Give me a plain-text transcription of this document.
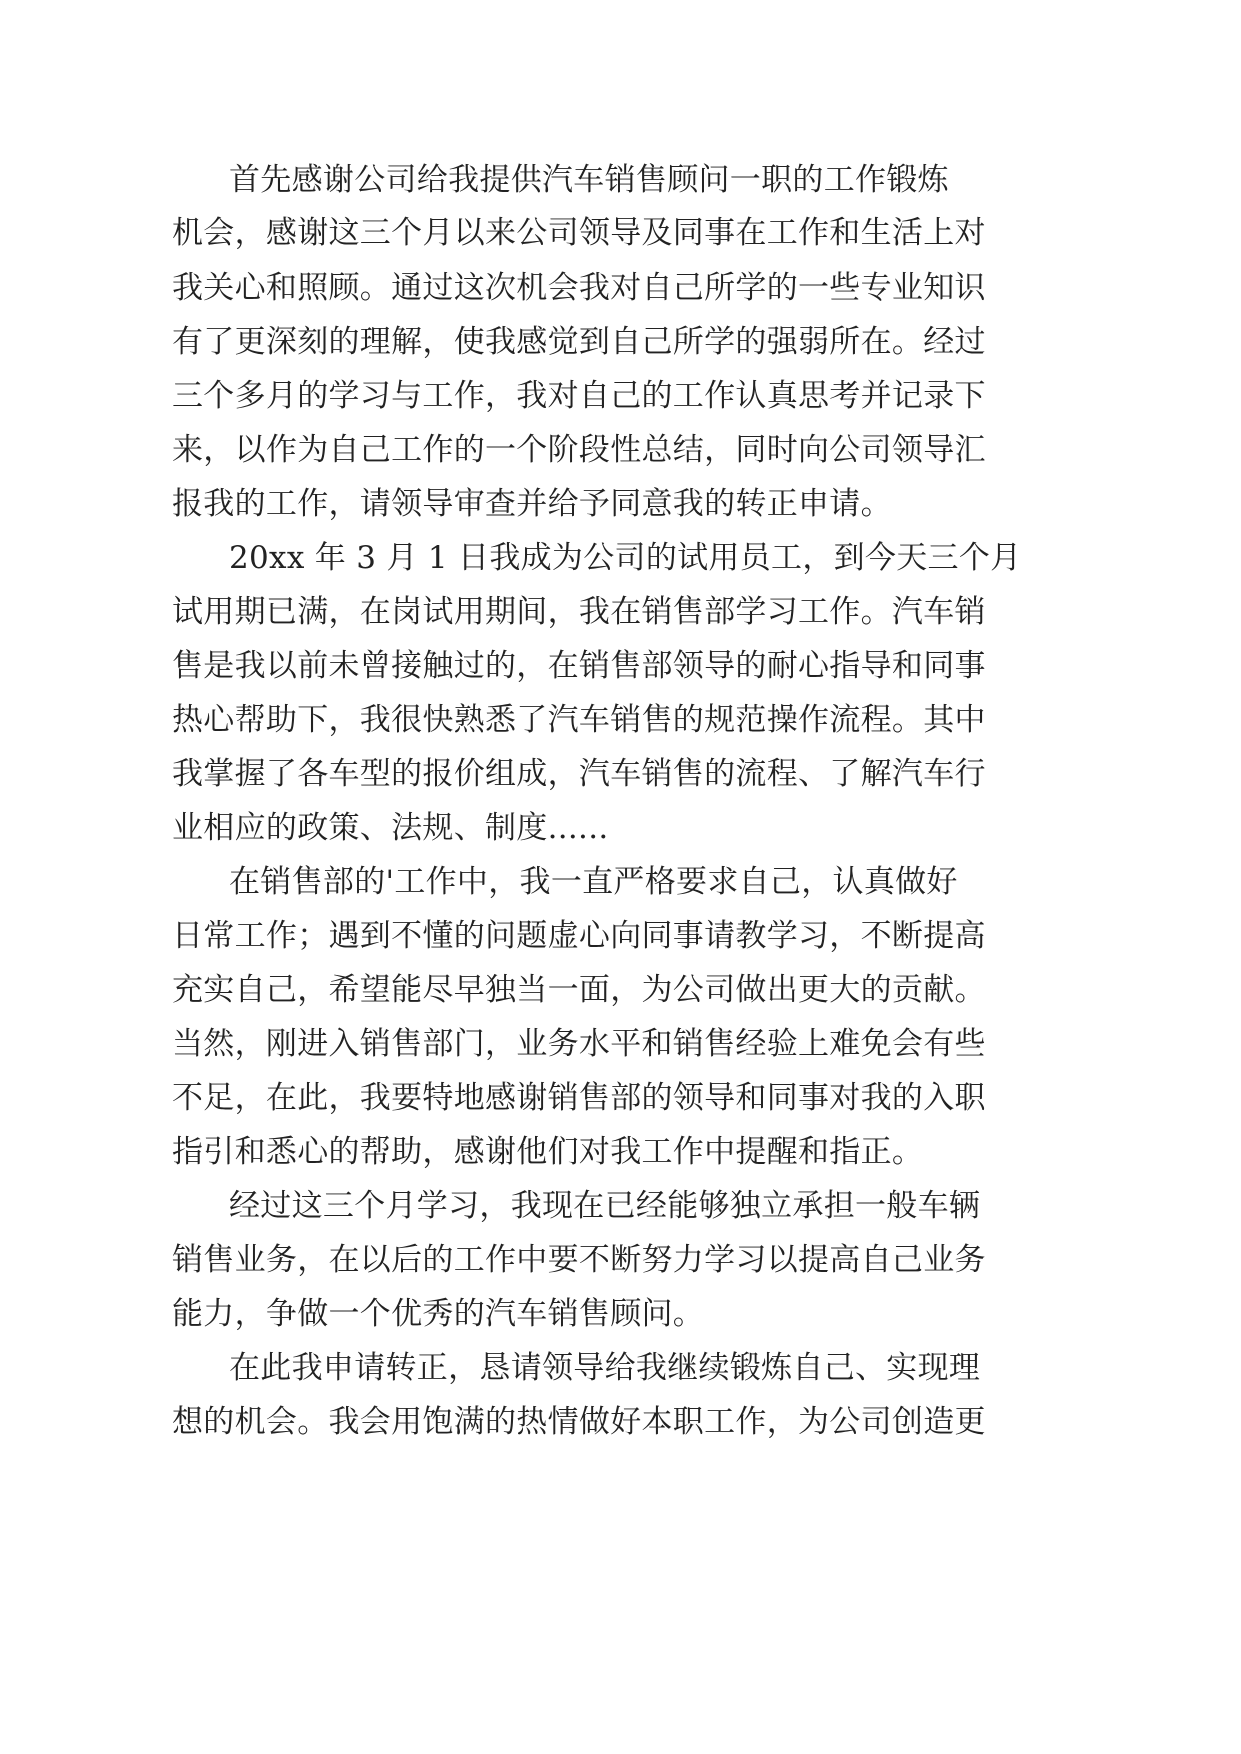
首先感谢公司给我提供汽车销售顾问一职的工作锻炼
机会，感谢这三个月以来公司领导及同事在工作和生活上对
我关心和照顾。通过这次机会我对自己所学的一些专业知识
有了更深刻的理解，使我感觉到自己所学的强弱所在。经过
三个多月的学习与工作，我对自己的工作认真思考并记录下
来，以作为自己工作的一个阶段性总结，同时向公司领导汇
报我的工作，请领导审查并给予同意我的转正申请。
20xx 年 3 月 1 日我成为公司的试用员工，到今天三个月
试用期已满，在岗试用期间，我在销售部学习工作。汽车销
售是我以前未曾接触过的，在销售部领导的耐心指导和同事
热心帮助下，我很快熟悉了汽车销售的规范操作流程。其中
我掌握了各车型的报价组成，汽车销售的流程、了解汽车行
业相应的政策、法规、制度......
在销售部的'工作中，我一直严格要求自己，认真做好
日常工作；遇到不懂的问题虚心向同事请教学习，不断提高
充实自己，希望能尽早独当一面，为公司做出更大的贡献。
当然，刚进入销售部门，业务水平和销售经验上难免会有些
不足，在此，我要特地感谢销售部的领导和同事对我的入职
指引和悉心的帮助，感谢他们对我工作中提醒和指正。
经过这三个月学习，我现在已经能够独立承担一般车辆
销售业务，在以后的工作中要不断努力学习以提高自己业务
能力，争做一个优秀的汽车销售顾问。
在此我申请转正，恳请领导给我继续锻炼自己、实现理
想的机会。我会用饱满的热情做好本职工作，为公司创造更
